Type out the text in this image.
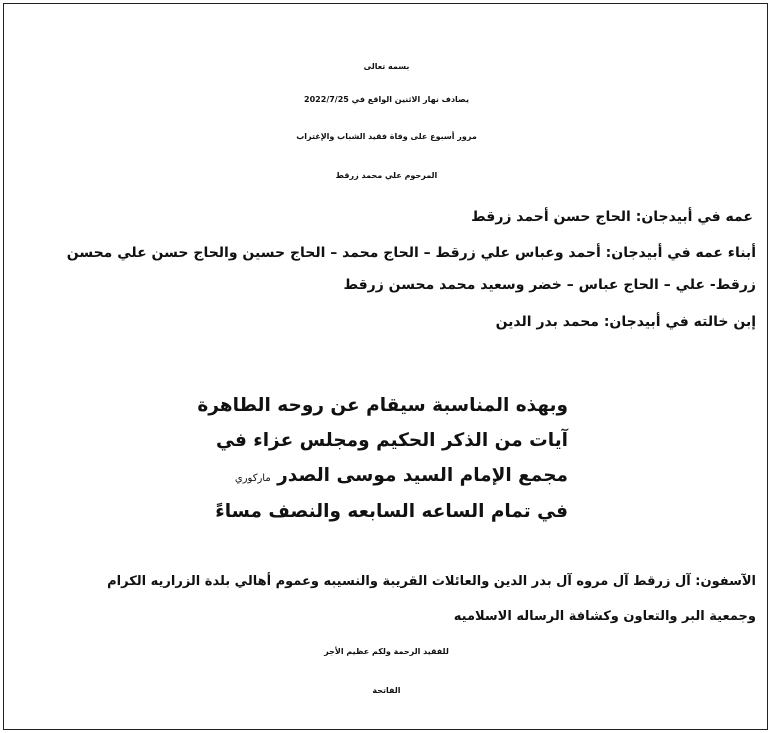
بسمه تعالى
يصادف نهار الاثنين الواقع في 2022/7/25
مرور أسبوع على وفاة فقيد الشباب والإغتراب
المرحوم علي محمد زرقط
عمه في أبيدجان: الحاج حسن أحمد زرقط
أبناء عمه في أبيدجان: أحمد وعباس علي زرقط – الحاج محمد – الحاج حسين والحاج حسن علي محسن
زرقط- علي – الحاج عباس – خضر وسعيد محمد محسن زرقط
إبن خالته في أبيدجان: محمد بدر الدين
وبهذه المناسبة سيقام عن روحه الطاهرة
آيات من الذكر الحكيم ومجلس عزاء في
مجمع الإمام السيد موسى الصدر ماركوري
في تمام الساعه السابعه والنصف مساءً
الآسفون: آل زرقط آل مروه آل بدر الدين والعائلات القريبة والنسيبه وعموم أهالي بلدة الزراريه الكرام
وجمعية البر والتعاون وكشافة الرساله الاسلاميه
للفقيد الرحمة ولكم عظيم الأجر
الفاتحة
